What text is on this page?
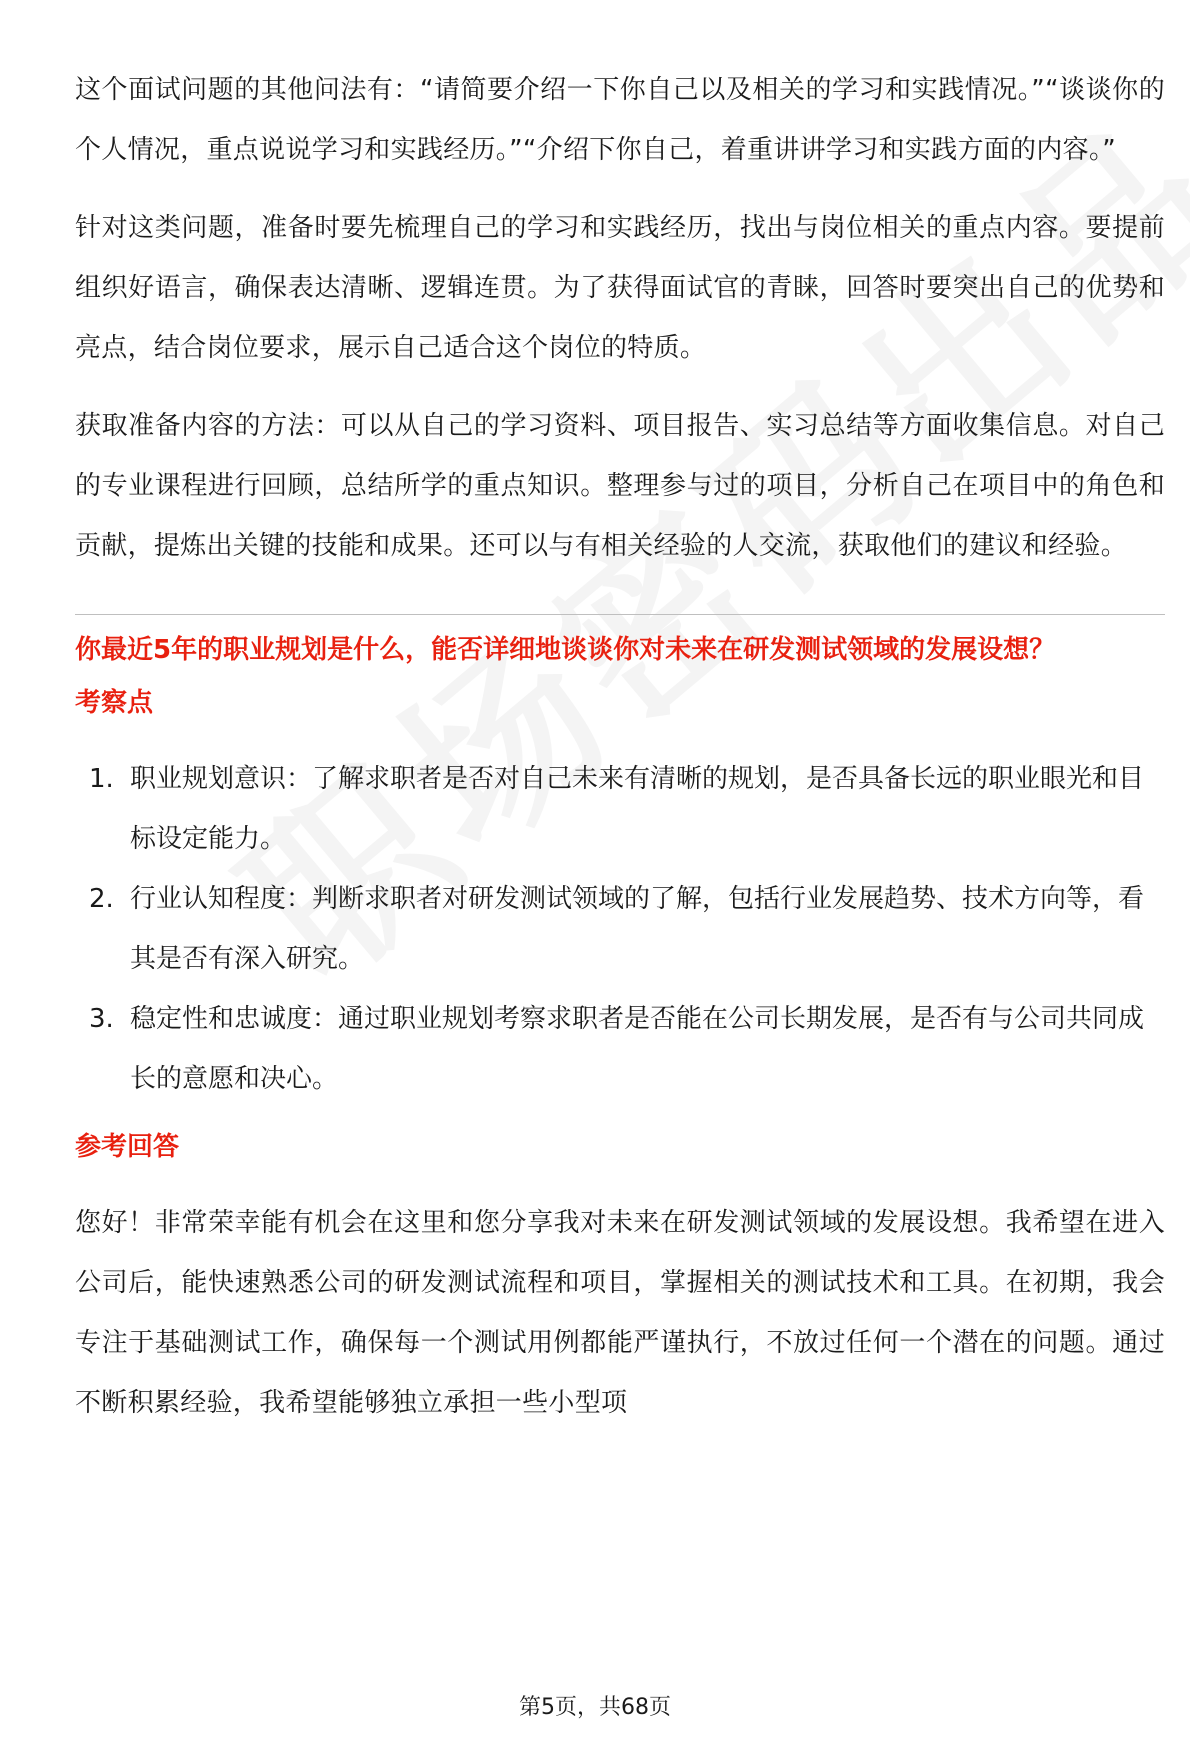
这个面试问题的其他问法有：“请简要介绍一下你自己以及相关的学习和实践情况。”“谈谈你的个人情况，重点说说学习和实践经历。”“介绍下你自己，着重讲讲学习和实践方面的内容。”

针对这类问题，准备时要先梳理自己的学习和实践经历，找出与岗位相关的重点内容。要提前组织好语言，确保表达清晰、逻辑连贯。为了获得面试官的青睐，回答时要突出自己的优势和亮点，结合岗位要求，展示自己适合这个岗位的特质。

获取准备内容的方法：可以从自己的学习资料、项目报告、实习总结等方面收集信息。对自己的专业课程进行回顾，总结所学的重点知识。整理参与过的项目，分析自己在项目中的角色和贡献，提炼出关键的技能和成果。还可以与有相关经验的人交流，获取他们的建议和经验。

你最近5年的职业规划是什么，能否详细地谈谈你对未来在研发测试领域的发展设想？
考察点
1. 职业规划意识：了解求职者是否对自己未来有清晰的规划，是否具备长远的职业眼光和目标设定能力。
2. 行业认知程度：判断求职者对研发测试领域的了解，包括行业发展趋势、技术方向等，看其是否有深入研究。
3. 稳定性和忠诚度：通过职业规划考察求职者是否能在公司长期发展，是否有与公司共同成长的意愿和决心。
参考回答

您好！非常荣幸能有机会在这里和您分享我对未来在研发测试领域的发展设想。我希望在进入公司后，能快速熟悉公司的研发测试流程和项目，掌握相关的测试技术和工具。在初期，我会专注于基础测试工作，确保每一个测试用例都能严谨执行，不放过任何一个潜在的问题。通过不断积累经验，我希望能够独立承担一些小型项

第5页，共68页
